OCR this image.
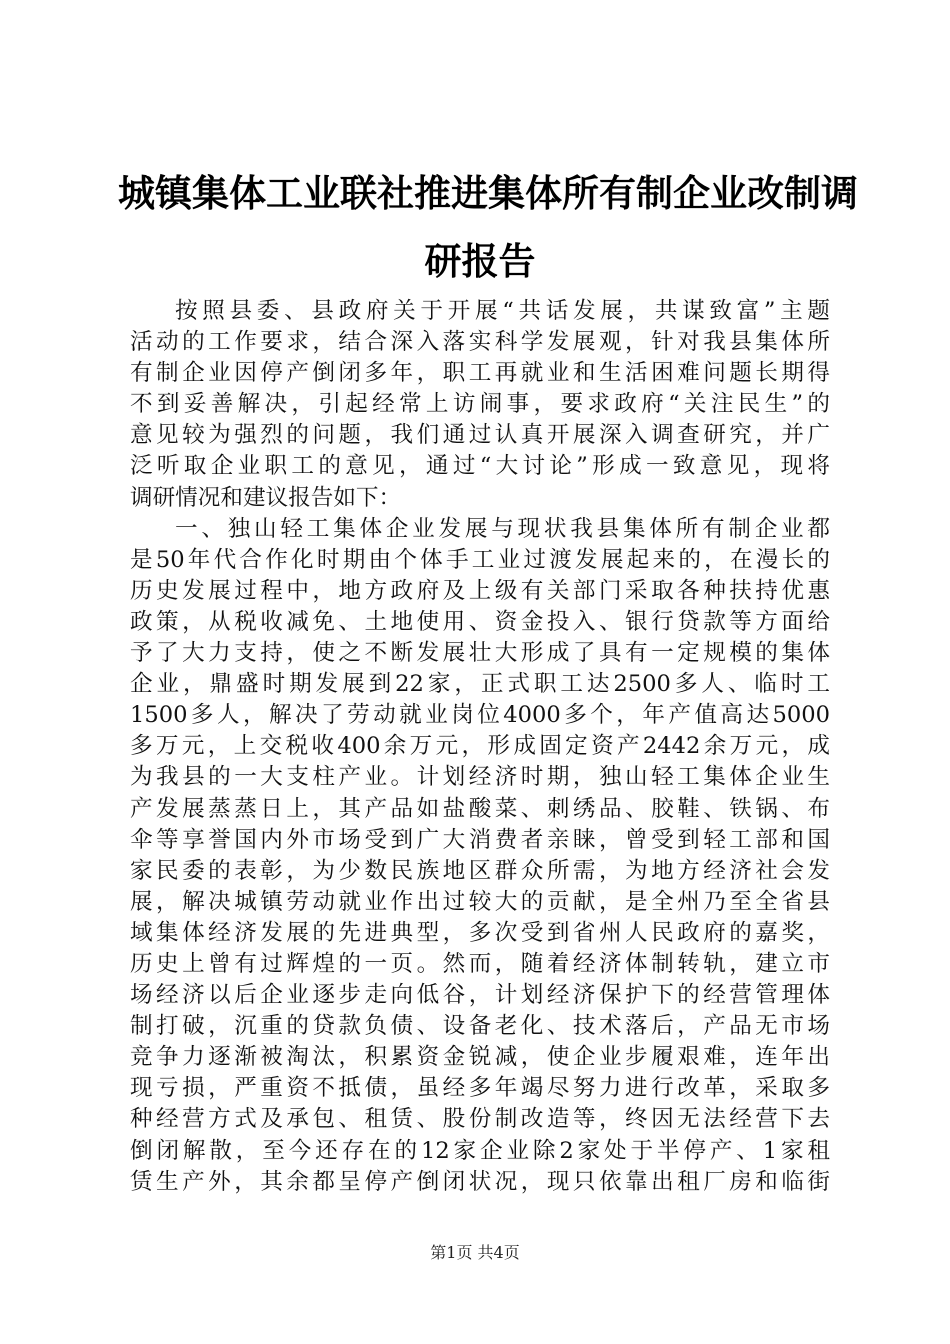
城镇集体工业联社推进集体所有制企业改制调
研报告
按照县委、县政府关于开展“共话发展，共谋致富”主题
活动的工作要求，结合深入落实科学发展观，针对我县集体所
有制企业因停产倒闭多年，职工再就业和生活困难问题长期得
不到妥善解决，引起经常上访闹事，要求政府“关注民生”的
意见较为强烈的问题，我们通过认真开展深入调查研究，并广
泛听取企业职工的意见，通过“大讨论”形成一致意见，现将
调研情况和建议报告如下：
一、独山轻工集体企业发展与现状我县集体所有制企业都
是50年代合作化时期由个体手工业过渡发展起来的，在漫长的
历史发展过程中，地方政府及上级有关部门采取各种扶持优惠
政策，从税收减免、土地使用、资金投入、银行贷款等方面给
予了大力支持，使之不断发展壮大形成了具有一定规模的集体
企业，鼎盛时期发展到22家，正式职工达2500多人、临时工
1500多人，解决了劳动就业岗位4000多个，年产值高达5000
多万元，上交税收400余万元，形成固定资产2442余万元，成
为我县的一大支柱产业。计划经济时期，独山轻工集体企业生
产发展蒸蒸日上，其产品如盐酸菜、刺绣品、胶鞋、铁锅、布
伞等享誉国内外市场受到广大消费者亲睐，曾受到轻工部和国
家民委的表彰，为少数民族地区群众所需，为地方经济社会发
展，解决城镇劳动就业作出过较大的贡献，是全州乃至全省县
域集体经济发展的先进典型，多次受到省州人民政府的嘉奖，
历史上曾有过辉煌的一页。然而，随着经济体制转轨，建立市
场经济以后企业逐步走向低谷，计划经济保护下的经营管理体
制打破，沉重的贷款负债、设备老化、技术落后，产品无市场
竞争力逐渐被淘汰，积累资金锐减，使企业步履艰难，连年出
现亏损，严重资不抵债，虽经多年竭尽努力进行改革，采取多
种经营方式及承包、租赁、股份制改造等，终因无法经营下去
倒闭解散，至今还存在的12家企业除2家处于半停产、1家租
赁生产外，其余都呈停产倒闭状况，现只依靠出租厂房和临街
第1页 共4页
